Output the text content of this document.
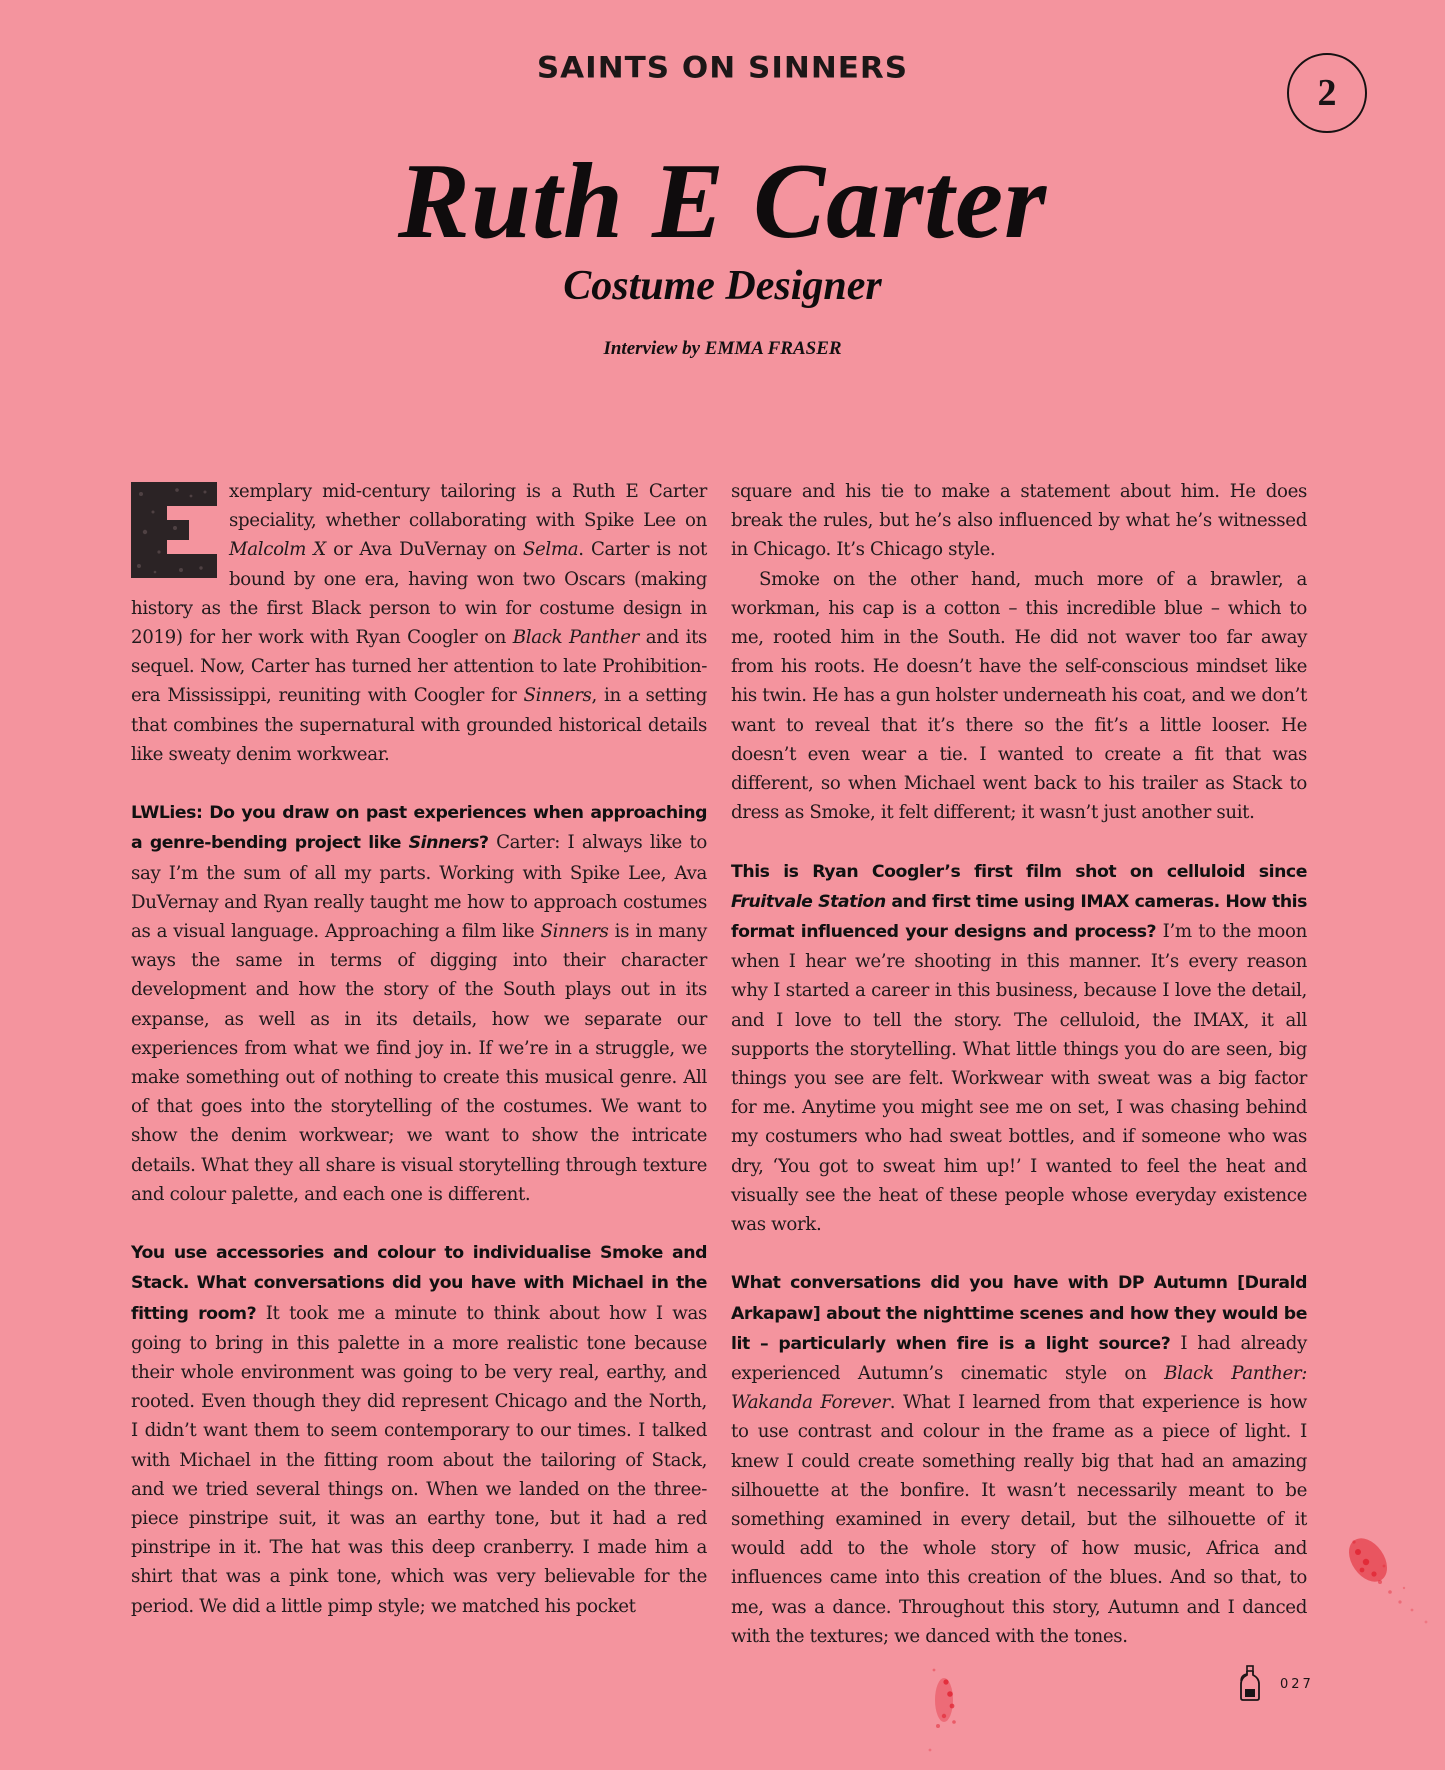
SAINTS ON SINNERS
2
Ruth E Carter
Costume Designer
Interview by EMMA FRASER

xemplary mid-century tailoring is a Ruth E Carter speciality, whether collaborating with Spike Lee on Malcolm X or Ava DuVernay on Selma. Carter is not bound by one era, having won two Oscars (making history as the first Black person to win for costume design in 2019) for her work with Ryan Coogler on Black Panther and its sequel. Now, Carter has turned her attention to late Prohibition-era Mississippi, reuniting with Coogler for Sinners, in a setting that combines the supernatural with grounded historical details like sweaty denim workwear.

LWLies: Do you draw on past experiences when approaching a genre-bending project like Sinners? Carter: I always like to say I’m the sum of all my parts. Working with Spike Lee, Ava DuVernay and Ryan really taught me how to approach costumes as a visual language. Approaching a film like Sinners is in many ways the same in terms of digging into their character development and how the story of the South plays out in its expanse, as well as in its details, how we separate our experiences from what we find joy in. If we’re in a struggle, we make something out of nothing to create this musical genre. All of that goes into the storytelling of the costumes. We want to show the denim workwear; we want to show the intricate details. What they all share is visual storytelling through texture and colour palette, and each one is different.

You use accessories and colour to individualise Smoke and Stack. What conversations did you have with Michael in the fitting room? It took me a minute to think about how I was going to bring in this palette in a more realistic tone because their whole environment was going to be very real, earthy, and rooted. Even though they did represent Chicago and the North, I didn’t want them to seem contemporary to our times. I talked with Michael in the fitting room about the tailoring of Stack, and we tried several things on. When we landed on the three-piece pinstripe suit, it was an earthy tone, but it had a red pinstripe in it. The hat was this deep cranberry. I made him a shirt that was a pink tone, which was very believable for the period. We did a little pimp style; we matched his pocket

square and his tie to make a statement about him. He does break the rules, but he’s also influenced by what he’s witnessed in Chicago. It’s Chicago style.

Smoke on the other hand, much more of a brawler, a workman, his cap is a cotton – this incredible blue – which to me, rooted him in the South. He did not waver too far away from his roots. He doesn’t have the self-conscious mindset like his twin. He has a gun holster underneath his coat, and we don’t want to reveal that it’s there so the fit’s a little looser. He doesn’t even wear a tie. I wanted to create a fit that was different, so when Michael went back to his trailer as Stack to dress as Smoke, it felt different; it wasn’t just another suit.

This is Ryan Coogler’s first film shot on celluloid since Fruitvale Station and first time using IMAX cameras. How this format influenced your designs and process? I’m to the moon when I hear we’re shooting in this manner. It’s every reason why I started a career in this business, because I love the detail, and I love to tell the story. The celluloid, the IMAX, it all supports the storytelling. What little things you do are seen, big things you see are felt. Workwear with sweat was a big factor for me. Anytime you might see me on set, I was chasing behind my costumers who had sweat bottles, and if someone who was dry, ‘You got to sweat him up!’ I wanted to feel the heat and visually see the heat of these people whose everyday existence was work.

What conversations did you have with DP Autumn [Durald Arkapaw] about the nighttime scenes and how they would be lit – particularly when fire is a light source? I had already experienced Autumn’s cinematic style on Black Panther: Wakanda Forever. What I learned from that experience is how to use contrast and colour in the frame as a piece of light. I knew I could create something really big that had an amazing silhouette at the bonfire. It wasn’t necessarily meant to be something examined in every detail, but the silhouette of it would add to the whole story of how music, Africa and influences came into this creation of the blues. And so that, to me, was a dance. Throughout this story, Autumn and I danced with the textures; we danced with the tones.

027
